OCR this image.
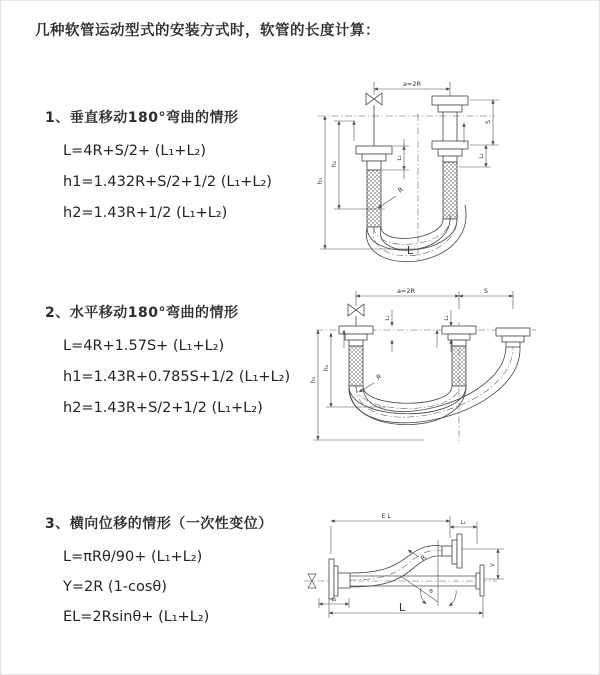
几种软管运动型式的安装方式时，软管的长度计算：
1、垂直移动180°弯曲的情形
L=4R+S/2+ (L₁+L₂)
h1=1.432R+S/2+1/2 (L₁+L₂)
h2=1.43R+1/2 (L₁+L₂)
2、水平移动180°弯曲的情形
L=4R+1.57S+ (L₁+L₂)
h1=1.43R+0.785S+1/2 (L₁+L₂)
h2=1.43R+S/2+1/2 (L₁+L₂)
3、横向位移的情形（一次性变位）
L=πRθ/90+ (L₁+L₂)
Y=2R (1-cosθ)
EL=2Rsinθ+ (L₁+L₂)
a=2R
L₁
S
L₂
h₁
h₂
R
L
a=2R	S
L₁	L₂
h₁
h₂
R
EL
L₂
θ
Y
L₁
L
R
